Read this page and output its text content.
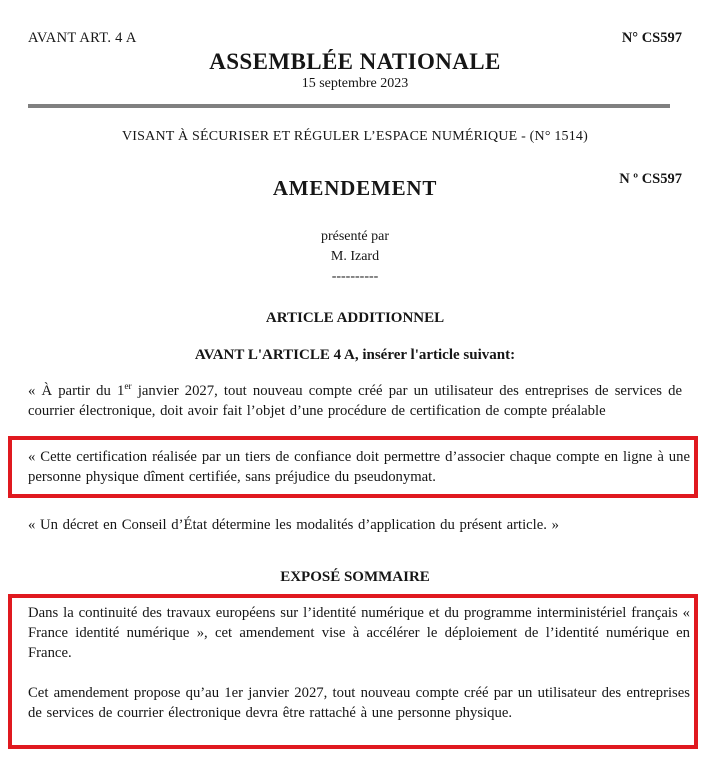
AVANT ART. 4 A	N° CS597
ASSEMBLÉE NATIONALE
15 septembre 2023
VISANT À SÉCURISER ET RÉGULER L’ESPACE NUMÉRIQUE - (N° 1514)
AMENDEMENT	N º CS597
présenté par
M. Izard
----------
ARTICLE ADDITIONNEL
AVANT L'ARTICLE 4 A, insérer l'article suivant:

« À partir du 1er janvier 2027, tout nouveau compte créé par un utilisateur des entreprises de services de courrier électronique, doit avoir fait l’objet d’une procédure de certification de compte préalable

« Cette certification réalisée par un tiers de confiance doit permettre d’associer chaque compte en ligne à une personne physique dîment certifiée, sans préjudice du pseudonymat.

« Un décret en Conseil d’État détermine les modalités d’application du présent article. »

EXPOSÉ SOMMAIRE

Dans la continuité des travaux européens sur l’identité numérique et du programme interministériel français « France identité numérique », cet amendement vise à accélérer le déploiement de l’identité numérique en France.

Cet amendement propose qu’au 1er janvier 2027, tout nouveau compte créé par un utilisateur des entreprises de services de courrier électronique devra être rattaché à une personne physique.
